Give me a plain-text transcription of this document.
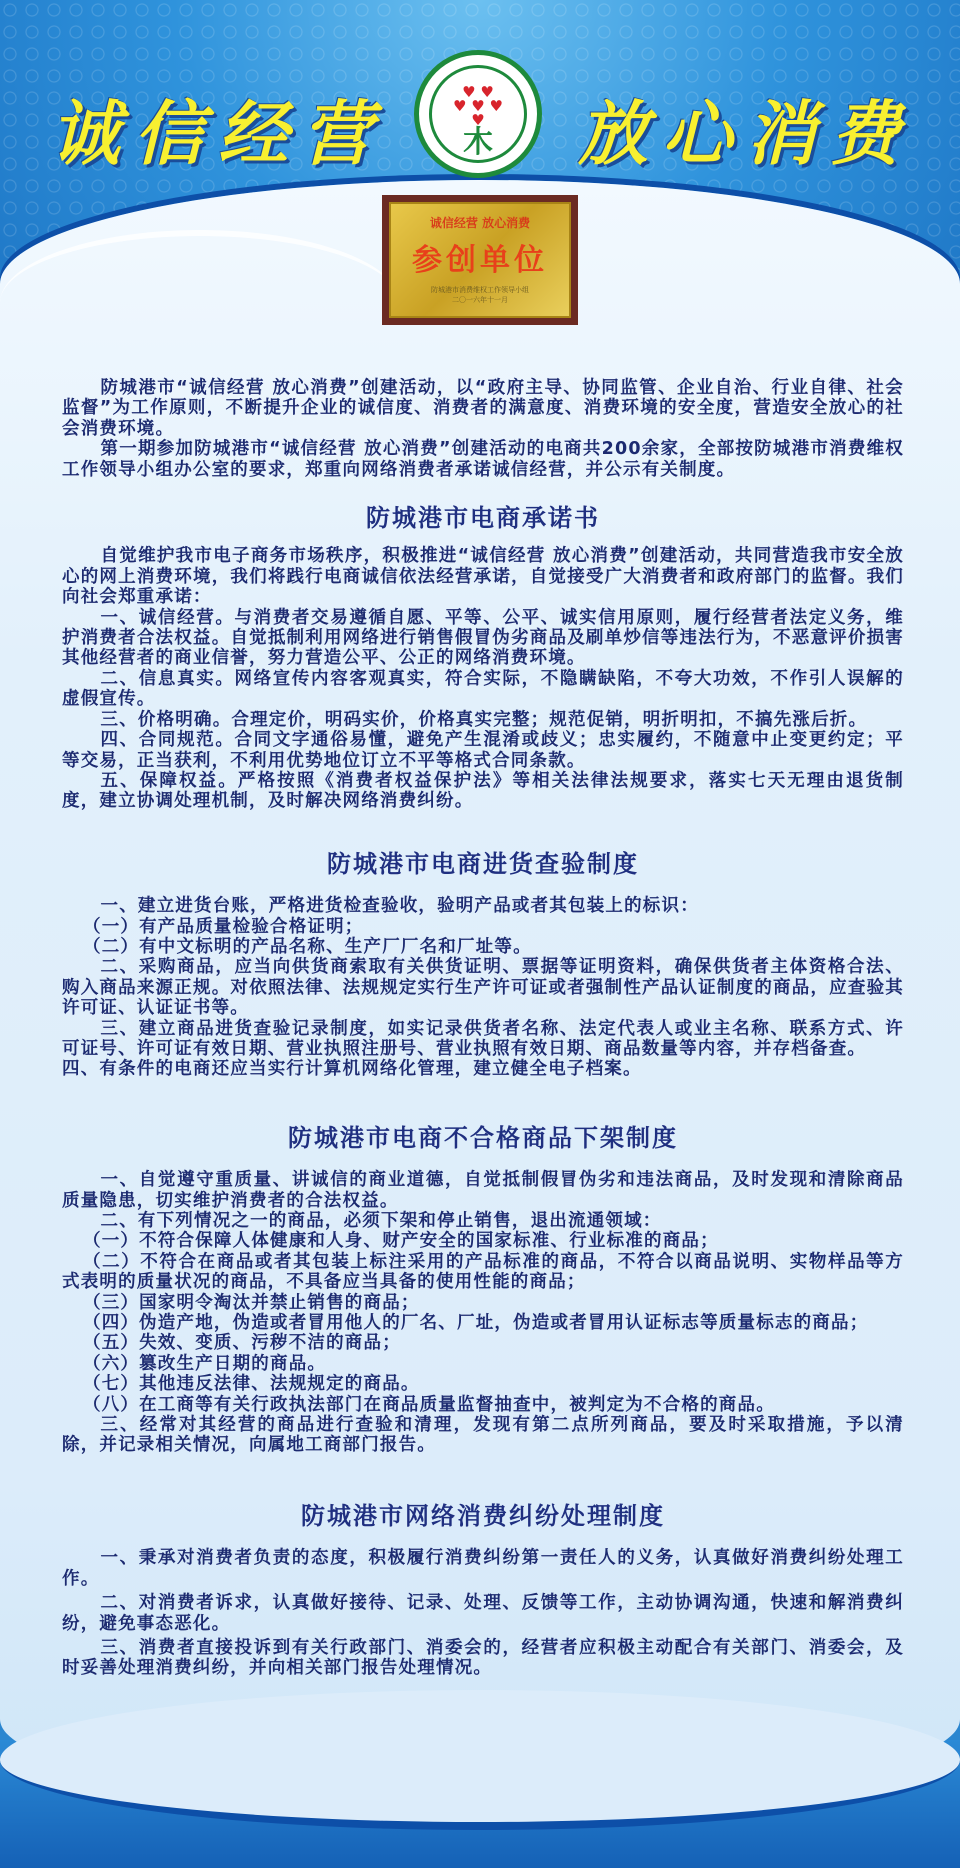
诚信经营	♥ ♥
♥ ♥ ♥
♥
⽊	放心消费
诚信经营 放心消费
参创单位
防城港市消费维权工作领导小组
二〇一六年十一月

防城港市“诚信经营 放心消费”创建活动，以“政府主导、协同监管、企业自治、行业自律、社会监督”为工作原则，不断提升企业的诚信度、消费者的满意度、消费环境的安全度，营造安全放心的社会消费环境。

第一期参加防城港市“诚信经营 放心消费”创建活动的电商共200余家，全部按防城港市消费维权工作领导小组办公室的要求，郑重向网络消费者承诺诚信经营，并公示有关制度。

防城港市电商承诺书

自觉维护我市电子商务市场秩序，积极推进“诚信经营 放心消费”创建活动，共同营造我市安全放心的网上消费环境，我们将践行电商诚信依法经营承诺，自觉接受广大消费者和政府部门的监督。我们向社会郑重承诺：

一、诚信经营。与消费者交易遵循自愿、平等、公平、诚实信用原则，履行经营者法定义务，维护消费者合法权益。自觉抵制利用网络进行销售假冒伪劣商品及刷单炒信等违法行为，不恶意评价损害其他经营者的商业信誉，努力营造公平、公正的网络消费环境。

二、信息真实。网络宣传内容客观真实，符合实际，不隐瞒缺陷，不夸大功效，不作引人误解的虚假宣传。

三、价格明确。合理定价，明码实价，价格真实完整；规范促销，明折明扣，不搞先涨后折。

四、合同规范。合同文字通俗易懂，避免产生混淆或歧义；忠实履约，不随意中止变更约定；平等交易，正当获利，不利用优势地位订立不平等格式合同条款。

五、保障权益。严格按照《消费者权益保护法》等相关法律法规要求，落实七天无理由退货制度，建立协调处理机制，及时解决网络消费纠纷。

防城港市电商进货查验制度

一、建立进货台账，严格进货检查验收，验明产品或者其包装上的标识：

（一）有产品质量检验合格证明；

（二）有中文标明的产品名称、生产厂厂名和厂址等。

二、采购商品，应当向供货商索取有关供货证明、票据等证明资料，确保供货者主体资格合法、购入商品来源正规。对依照法律、法规规定实行生产许可证或者强制性产品认证制度的商品，应查验其许可证、认证证书等。

三、建立商品进货查验记录制度，如实记录供货者名称、法定代表人或业主名称、联系方式、许可证号、许可证有效日期、营业执照注册号、营业执照有效日期、商品数量等内容，并存档备查。

四、有条件的电商还应当实行计算机网络化管理，建立健全电子档案。

防城港市电商不合格商品下架制度

一、自觉遵守重质量、讲诚信的商业道德，自觉抵制假冒伪劣和违法商品，及时发现和清除商品质量隐患，切实维护消费者的合法权益。

二、有下列情况之一的商品，必须下架和停止销售，退出流通领域：

（一）不符合保障人体健康和人身、财产安全的国家标准、行业标准的商品；

（二）不符合在商品或者其包装上标注采用的产品标准的商品，不符合以商品说明、实物样品等方式表明的质量状况的商品，不具备应当具备的使用性能的商品；

（三）国家明令淘汰并禁止销售的商品；

（四）伪造产地，伪造或者冒用他人的厂名、厂址，伪造或者冒用认证标志等质量标志的商品；

（五）失效、变质、污秽不洁的商品；

（六）篡改生产日期的商品。

（七）其他违反法律、法规规定的商品。

（八）在工商等有关行政执法部门在商品质量监督抽查中，被判定为不合格的商品。

三、经常对其经营的商品进行查验和清理，发现有第二点所列商品，要及时采取措施，予以清除，并记录相关情况，向属地工商部门报告。

防城港市网络消费纠纷处理制度

一、秉承对消费者负责的态度，积极履行消费纠纷第一责任人的义务，认真做好消费纠纷处理工作。

二、对消费者诉求，认真做好接待、记录、处理、反馈等工作，主动协调沟通，快速和解消费纠纷，避免事态恶化。

三、消费者直接投诉到有关行政部门、消委会的，经营者应积极主动配合有关部门、消委会，及时妥善处理消费纠纷，并向相关部门报告处理情况。
